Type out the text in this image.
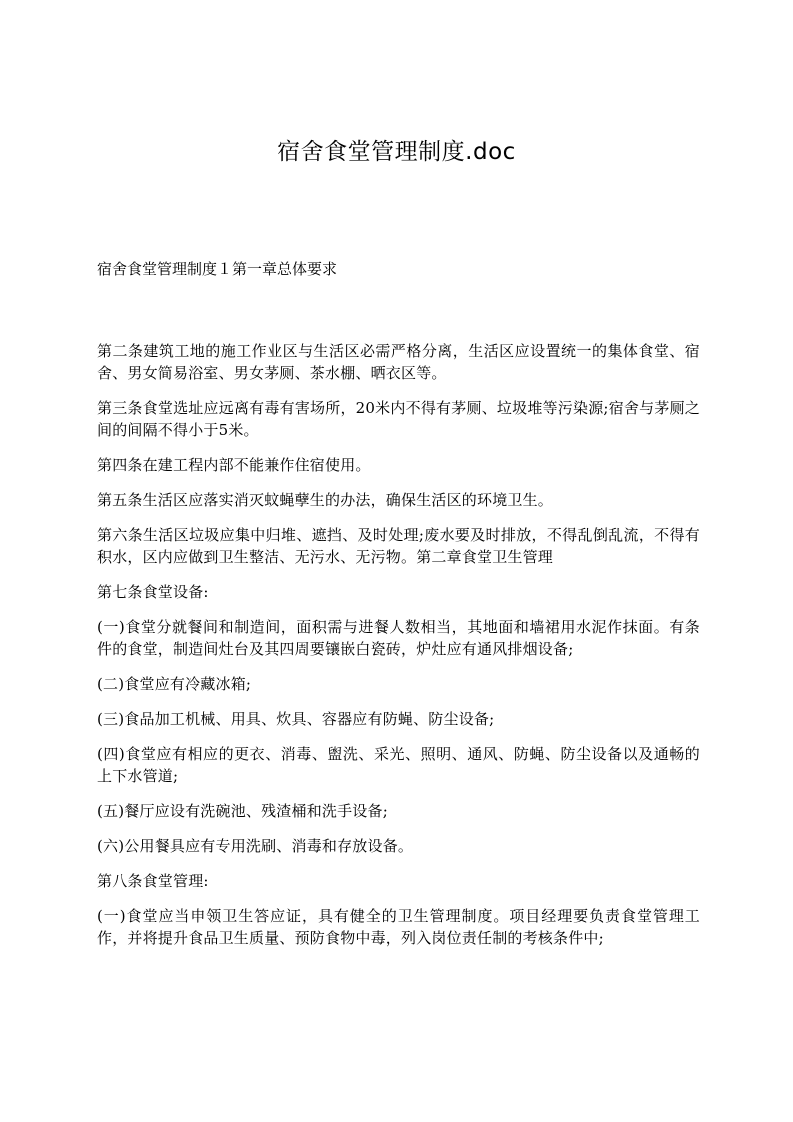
宿舍食堂管理制度.doc
宿舍食堂管理制度１第一章总体要求

第二条建筑工地的施工作业区与生活区必需严格分离，生活区应设置统一的集体食堂、宿舍、男女简易浴室、男女茅厕、茶水棚、晒衣区等。

第三条食堂选址应远离有毒有害场所，20米内不得有茅厕、垃圾堆等污染源;宿舍与茅厕之间的间隔不得小于5米。

第四条在建工程内部不能兼作住宿使用。

第五条生活区应落实消灭蚊蝇孽生的办法，确保生活区的环境卫生。

第六条生活区垃圾应集中归堆、遮挡、及时处理;废水要及时排放，不得乱倒乱流，不得有积水，区内应做到卫生整洁、无污水、无污物。第二章食堂卫生管理

第七条食堂设备:

(一)食堂分就餐间和制造间，面积需与进餐人数相当，其地面和墙裙用水泥作抹面。有条件的食堂，制造间灶台及其四周要镶嵌白瓷砖，炉灶应有通风排烟设备;

(二)食堂应有冷藏冰箱;

(三)食品加工机械、用具、炊具、容器应有防蝇、防尘设备;

(四)食堂应有相应的更衣、消毒、盥洗、采光、照明、通风、防蝇、防尘设备以及通畅的上下水管道;

(五)餐厅应设有洗碗池、残渣桶和洗手设备;

(六)公用餐具应有专用洗刷、消毒和存放设备。

第八条食堂管理:

(一)食堂应当申领卫生答应证，具有健全的卫生管理制度。项目经理要负责食堂管理工作，并将提升食品卫生质量、预防食物中毒，列入岗位责任制的考核条件中;
